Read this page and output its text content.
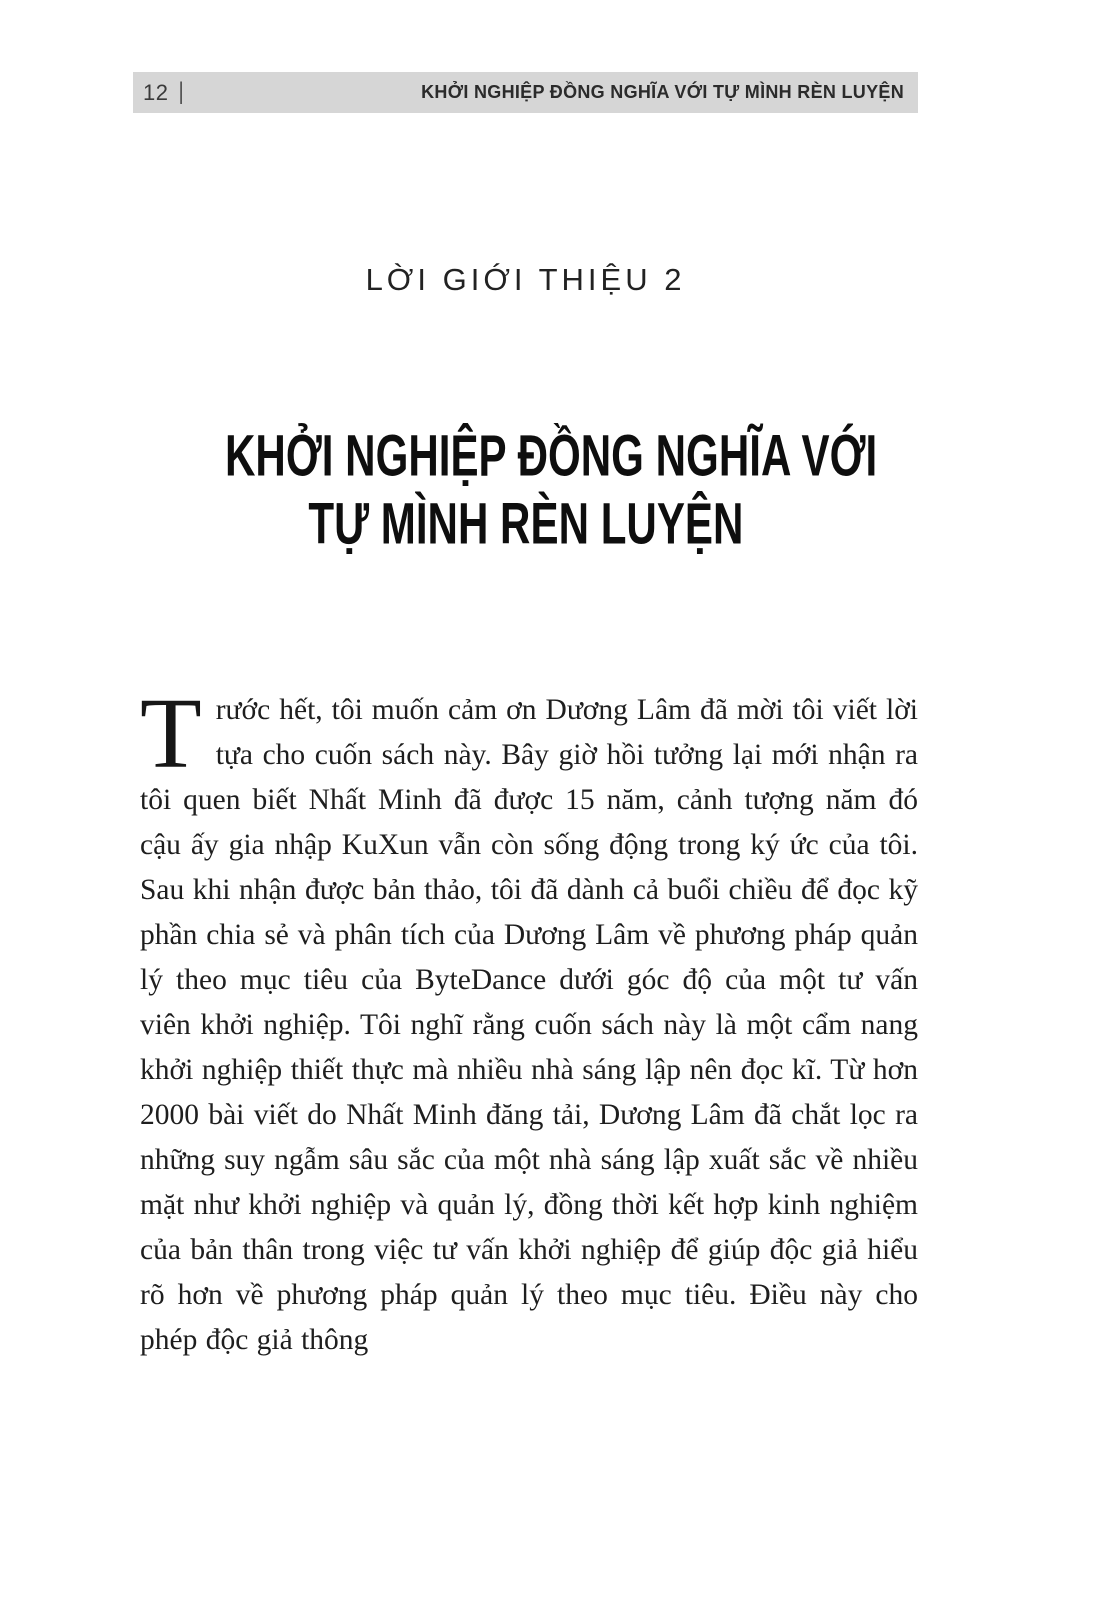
12 |	KHỞI NGHIỆP ĐỒNG NGHĨA VỚI TỰ MÌNH RÈN LUYỆN
LỜI GIỚI THIỆU 2
KHỞI NGHIỆP ĐỒNG NGHĨA VỚI
TỰ MÌNH RÈN LUYỆN
Trước hết, tôi muốn cảm ơn Dương Lâm đã mời tôi viết lời tựa cho cuốn sách này. Bây giờ hồi tưởng lại mới nhận ra tôi quen biết Nhất Minh đã được 15 năm, cảnh tượng năm đó cậu ấy gia nhập KuXun vẫn còn sống động trong ký ức của tôi. Sau khi nhận được bản thảo, tôi đã dành cả buổi chiều để đọc kỹ phần chia sẻ và phân tích của Dương Lâm về phương pháp quản lý theo mục tiêu của ByteDance dưới góc độ của một tư vấn viên khởi nghiệp. Tôi nghĩ rằng cuốn sách này là một cẩm nang khởi nghiệp thiết thực mà nhiều nhà sáng lập nên đọc kĩ. Từ hơn 2000 bài viết do Nhất Minh đăng tải, Dương Lâm đã chắt lọc ra những suy ngẫm sâu sắc của một nhà sáng lập xuất sắc về nhiều mặt như khởi nghiệp và quản lý, đồng thời kết hợp kinh nghiệm của bản thân trong việc tư vấn khởi nghiệp để giúp độc giả hiểu rõ hơn về phương pháp quản lý theo mục tiêu. Điều này cho phép độc giả thông
